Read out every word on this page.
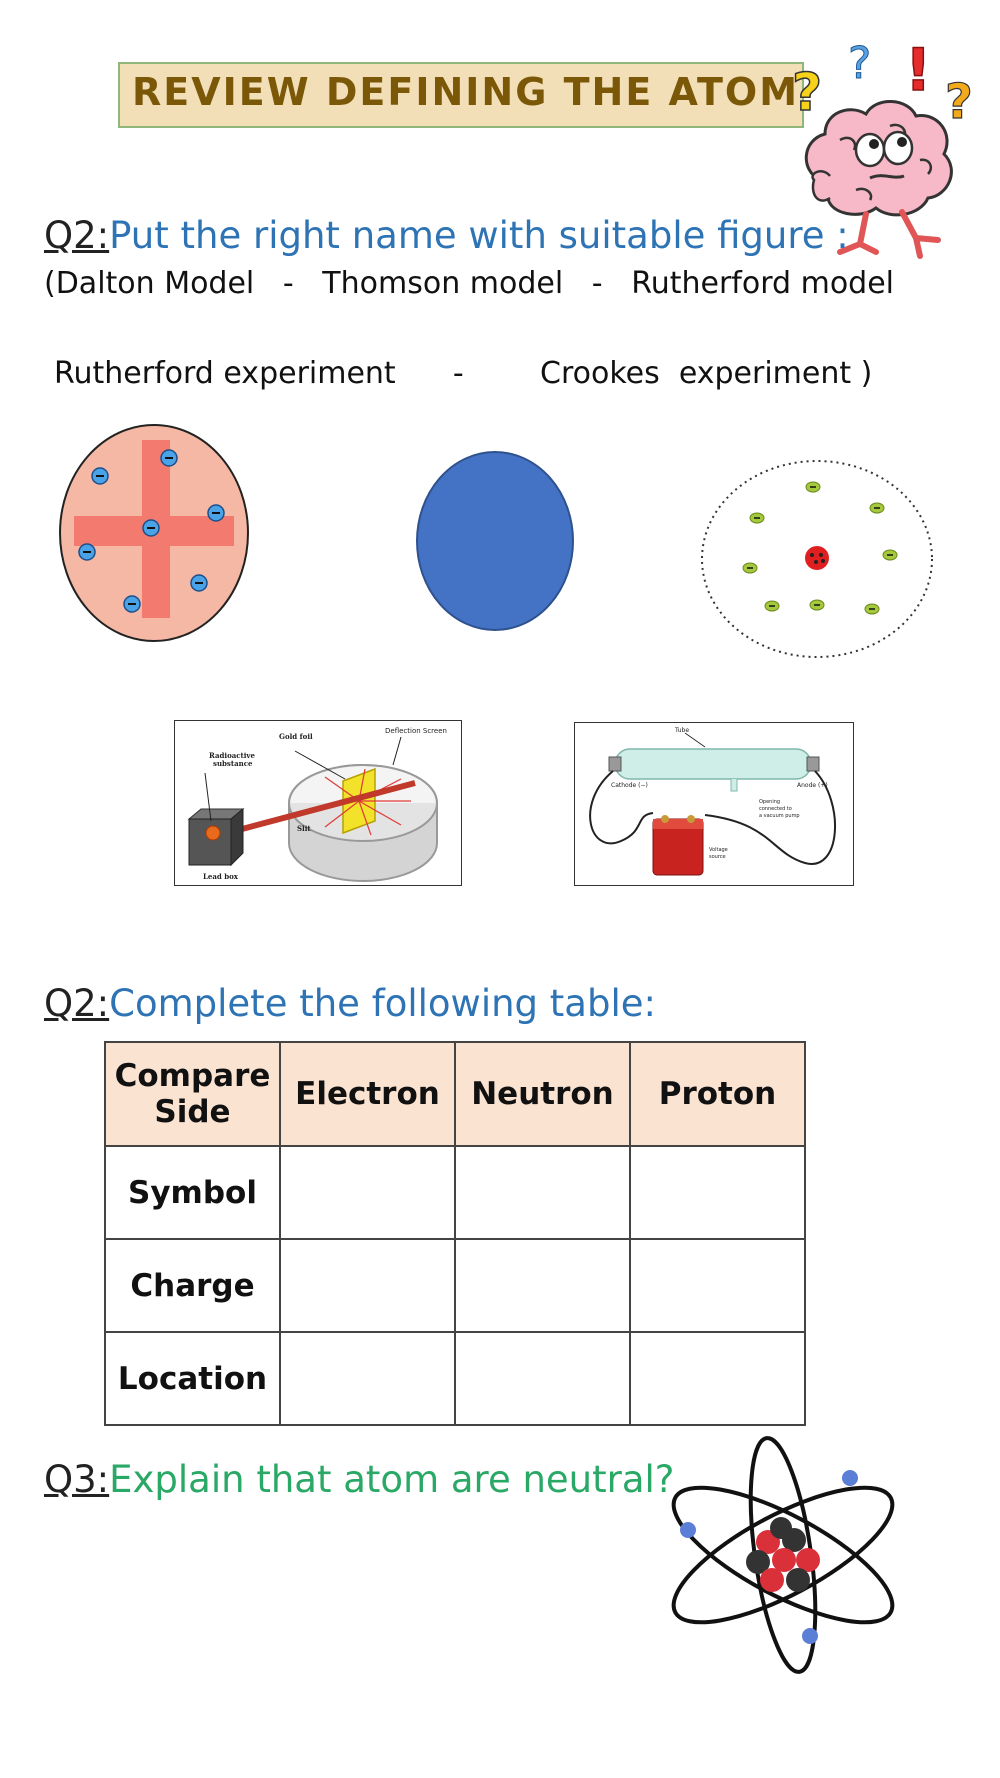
REVIEW DEFINING THE ATOM
? ? ! ?
Q2:Put the right name with suitable figure :
(Dalton Model   -   Thomson model   -   Rutherford model
Rutherford experiment      -        Crookes  experiment )
Gold foil
Deflection Screen
Radioactive
substance
Slit
Lead box
Tube
Cathode (−)	Anode (+)
Opening
connected to
a vacuum pump
Voltage
source
Q2:Complete the following table:
Compare
Side	Electron	Neutron	Proton
Symbol			
Charge			
Location			
Q3:Explain that atom are neutral?
